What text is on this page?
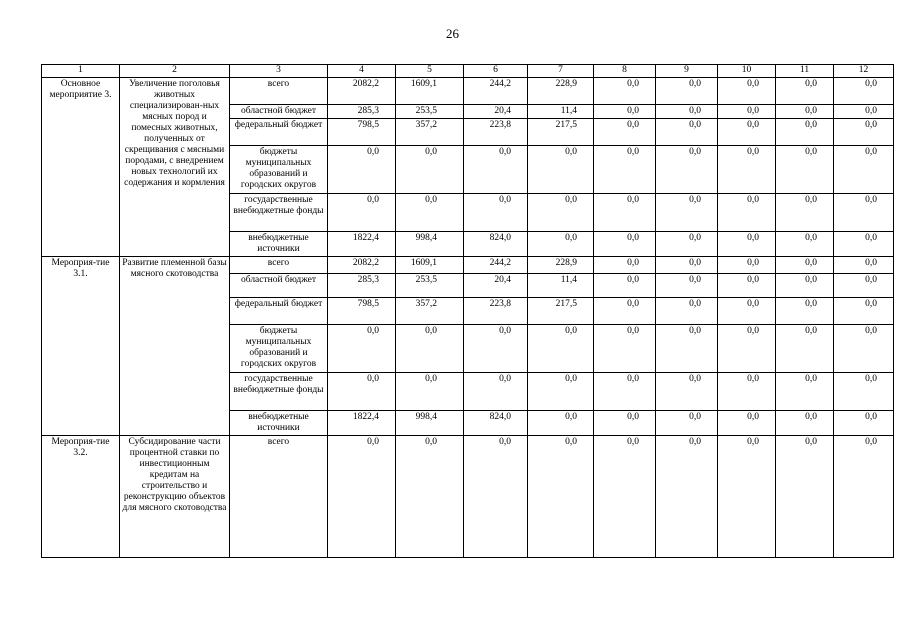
26
1	2	3	4	5	6	7	8	9	10	11	12
Основное мероприятие 3.	Увеличение поголовья животных специализирован-ных мясных пород и помесных животных, полученных от скрещивания с мясными породами, с внедрением новых технологий их содержания и кормления	всего	2082,2	1609,1	244,2	228,9	0,0	0,0	0,0	0,0	0,0
		областной бюджет	285,3	253,5	20,4	11,4	0,0	0,0	0,0	0,0	0,0
		федеральный бюджет	798,5	357,2	223,8	217,5	0,0	0,0	0,0	0,0	0,0
		бюджеты муниципальных образований и городских округов	0,0	0,0	0,0	0,0	0,0	0,0	0,0	0,0	0,0
		государственные внебюджетные фонды	0,0	0,0	0,0	0,0	0,0	0,0	0,0	0,0	0,0
		внебюджетные источники	1822,4	998,4	824,0	0,0	0,0	0,0	0,0	0,0	0,0
Мероприя-тие 3.1.	Развитие племенной базы мясного скотоводства	всего	2082,2	1609,1	244,2	228,9	0,0	0,0	0,0	0,0	0,0
		областной бюджет	285,3	253,5	20,4	11,4	0,0	0,0	0,0	0,0	0,0
		федеральный бюджет	798,5	357,2	223,8	217,5	0,0	0,0	0,0	0,0	0,0
		бюджеты муниципальных образований и городских округов	0,0	0,0	0,0	0,0	0,0	0,0	0,0	0,0	0,0
		государственные внебюджетные фонды	0,0	0,0	0,0	0,0	0,0	0,0	0,0	0,0	0,0
		внебюджетные источники	1822,4	998,4	824,0	0,0	0,0	0,0	0,0	0,0	0,0
Мероприя-тие 3.2.	Субсидирование части процентной ставки по инвестиционным кредитам на строительство и реконструкцию объектов для мясного скотоводства	всего	0,0	0,0	0,0	0,0	0,0	0,0	0,0	0,0	0,0
